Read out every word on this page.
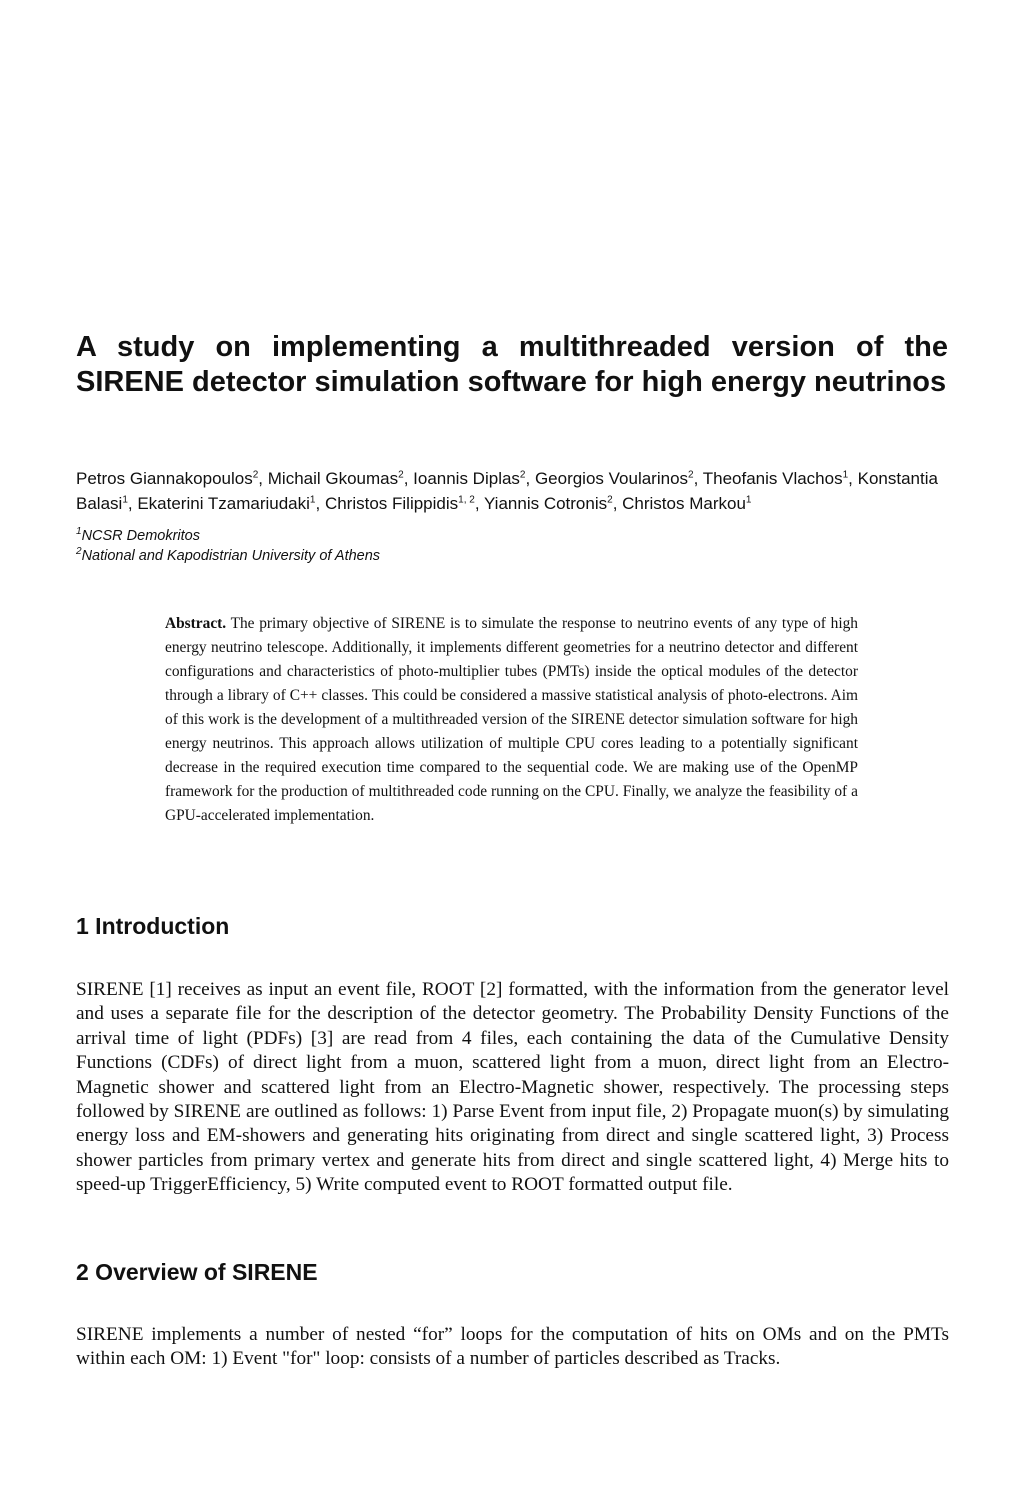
A study on implementing a multithreaded version of the SIRENE detector simulation software for high energy neutrinos

Petros Giannakopoulos$^2$, Michail Gkoumas$^2$, Ioannis Diplas$^2$, Georgios Voularinos$^2$, Theofanis Vlachos$^1$, Konstantia Balasi$^1$, Ekaterini Tzamariudaki$^1$, Christos Filippidis$^{1, 2}$, Yiannis Cotronis$^2$, Christos Markou$^1$

$^1$NCSR Demokritos
$^2$National and Kapodistrian University of Athens

Abstract. The primary objective of SIRENE is to simulate the response to neutrino events of any type of high energy neutrino telescope. Additionally, it implements different geometries for a neutrino detector and different configurations and characteristics of photo-multiplier tubes (PMTs) inside the optical modules of the detector through a library of C++ classes. This could be considered a massive statistical analysis of photo-electrons. Aim of this work is the development of a multithreaded version of the SIRENE detector simulation software for high energy neutrinos. This approach allows utilization of multiple CPU cores leading to a potentially significant decrease in the required execution time compared to the sequential code. We are making use of the OpenMP framework for the production of multithreaded code running on the CPU. Finally, we analyze the feasibility of a GPU-accelerated implementation.

1 Introduction

SIRENE [1] receives as input an event file, ROOT [2] formatted, with the information from the generator level and uses a separate file for the description of the detector geometry. The Probability Density Functions of the arrival time of light (PDFs) [3] are read from 4 files, each containing the data of the Cumulative Density Functions (CDFs) of direct light from a muon, scattered light from a muon, direct light from an Electro-Magnetic shower and scattered light from an Electro-Magnetic shower, respectively. The processing steps followed by SIRENE are outlined as follows: 1) Parse Event from input file, 2) Propagate muon(s) by simulating energy loss and EM-showers and generating hits originating from direct and single scattered light, 3) Process shower particles from primary vertex and generate hits from direct and single scattered light, 4) Merge hits to speed-up TriggerEfficiency, 5) Write computed event to ROOT formatted output file.

2 Overview of SIRENE

SIRENE implements a number of nested “for” loops for the computation of hits on OMs and on the PMTs within each OM: 1) Event "for" loop: consists of a number of particles described as Tracks.
